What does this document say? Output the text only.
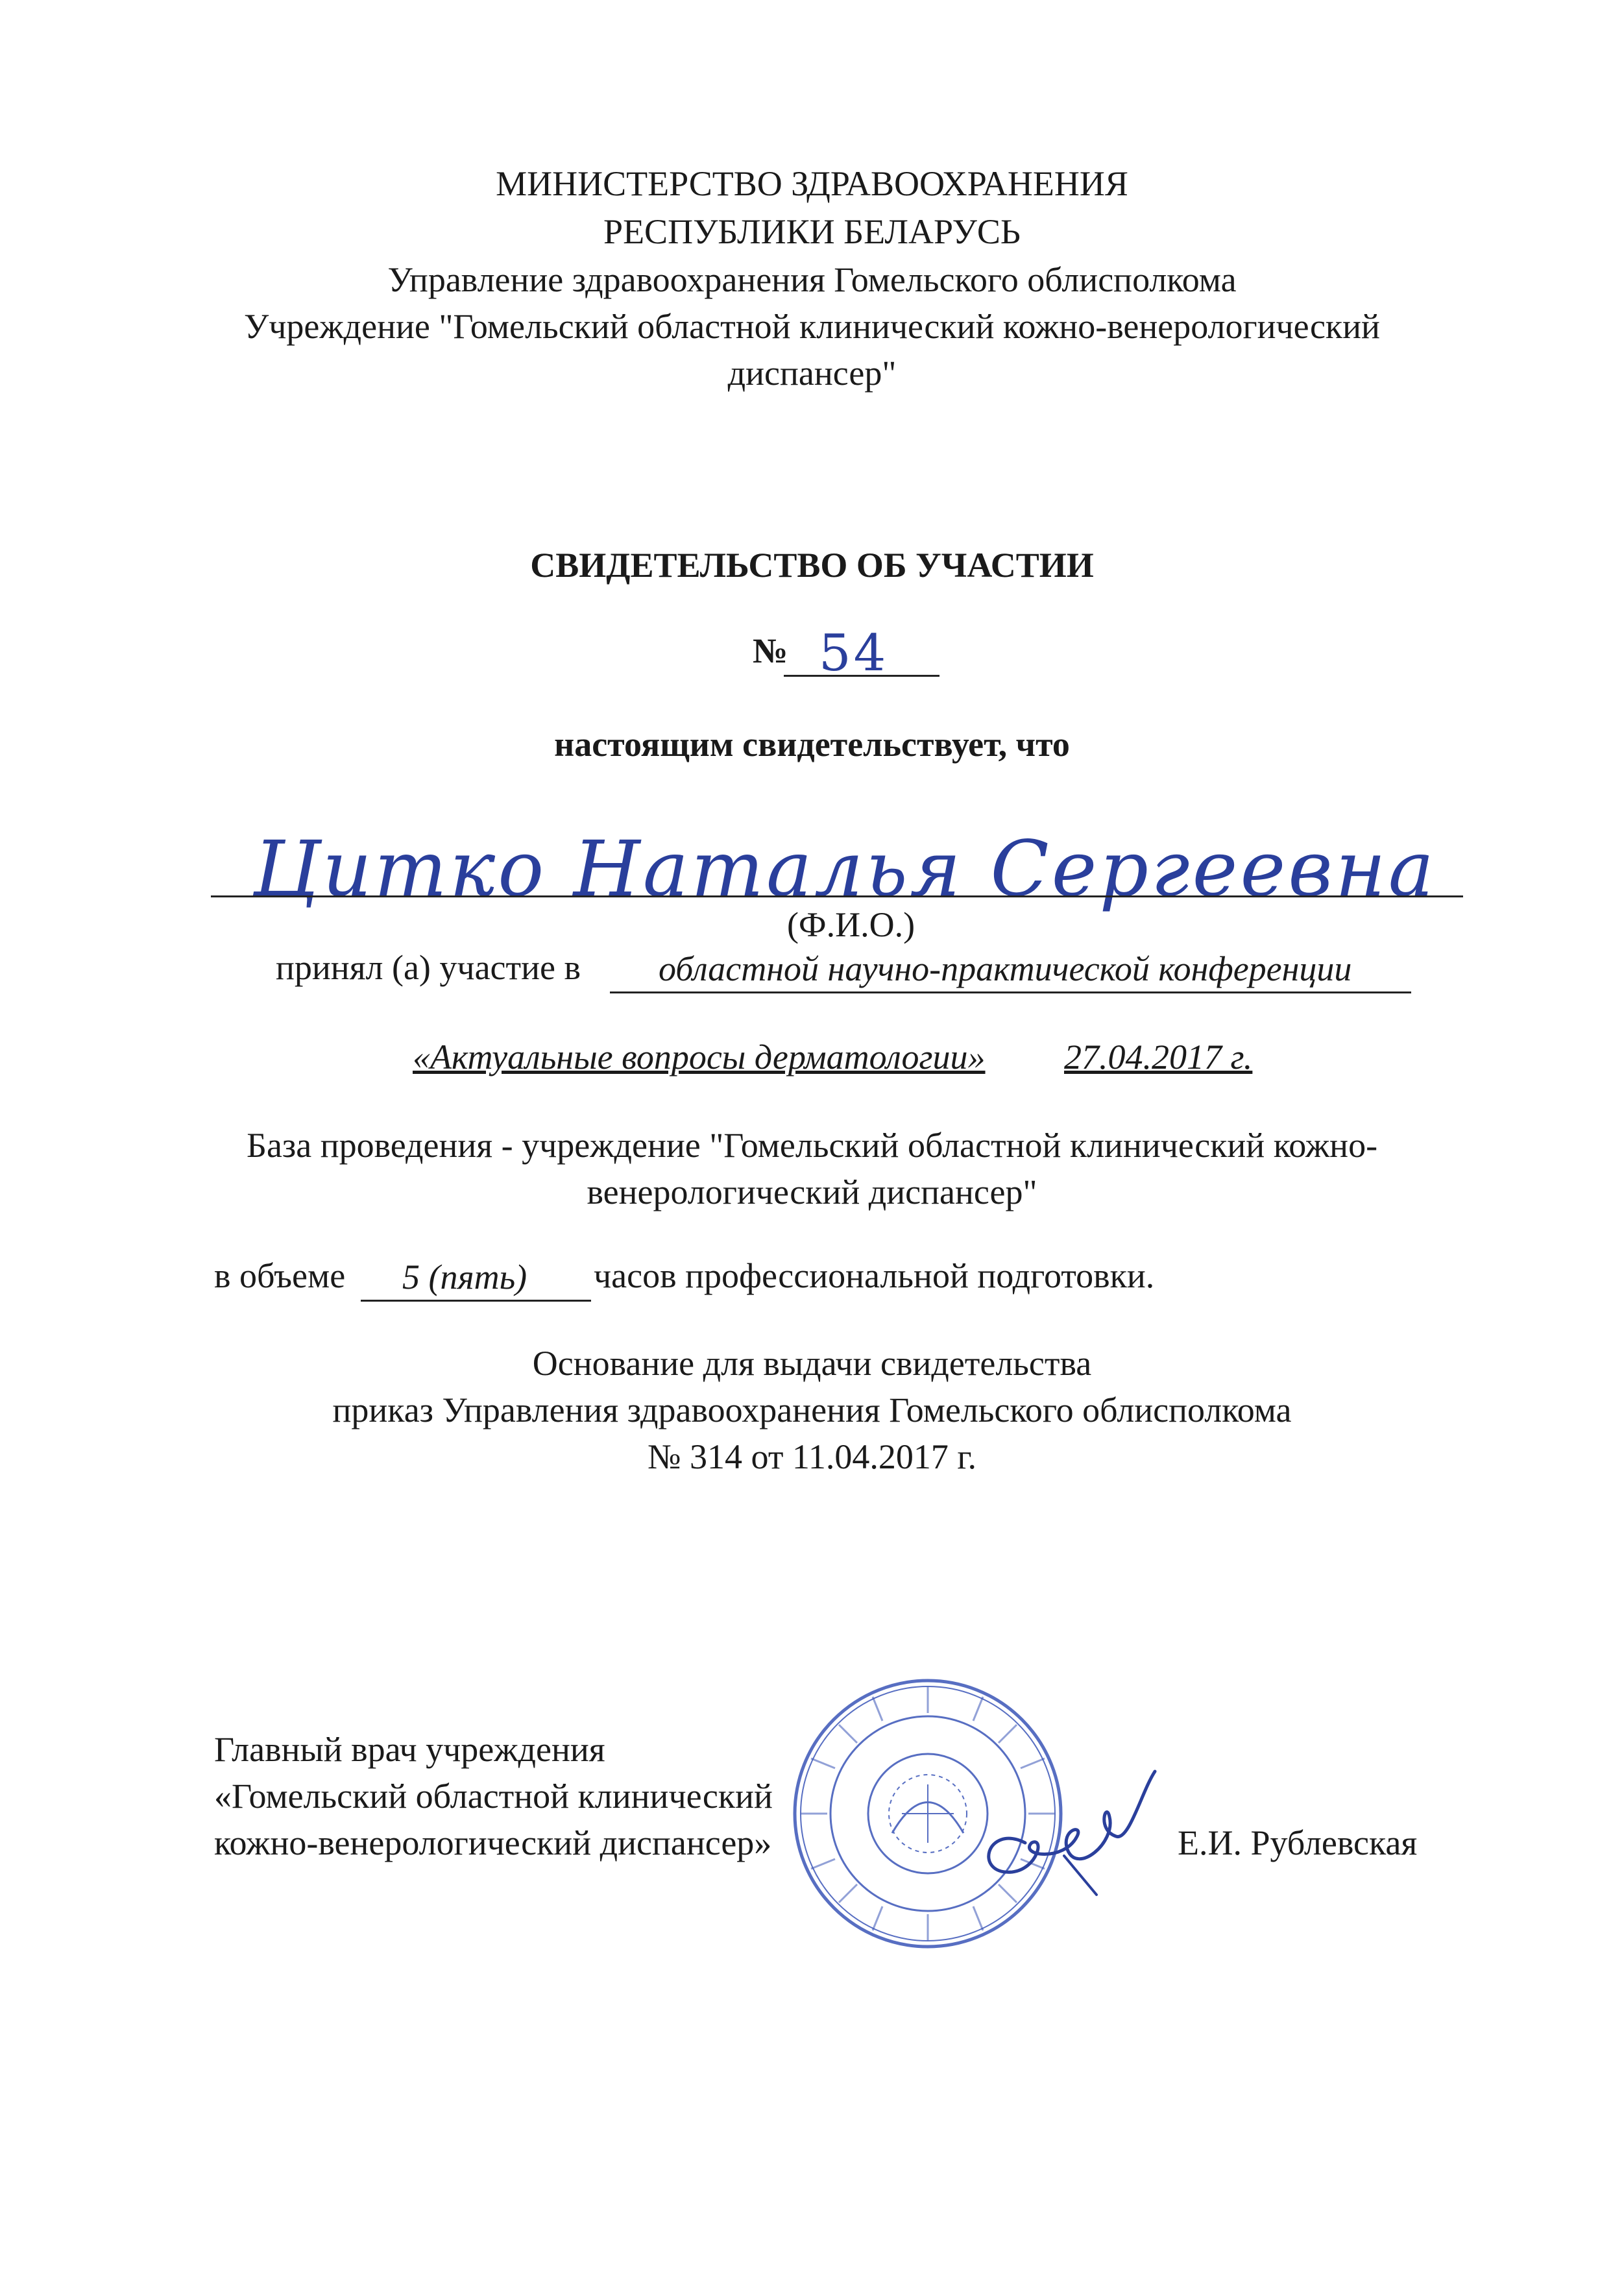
МИНИСТЕРСТВО ЗДРАВООХРАНЕНИЯ
РЕСПУБЛИКИ БЕЛАРУСЬ
Управление здравоохранения Гомельского облисполкома
Учреждение "Гомельский областной клинический кожно-венерологический
диспансер"
СВИДЕТЕЛЬСТВО ОБ УЧАСТИИ
№ 54
настоящим свидетельствует, что
Цитко Наталья Сергеевна
(Ф.И.О.)
принял (а) участие в областной научно-практической конференции
«Актуальные вопросы дерматологии» 27.04.2017 г.
База проведения - учреждение "Гомельский областной клинический кожно-
венерологический диспансер"
в объеме 5 (пять) часов профессиональной подготовки.
Основание для выдачи свидетельства
приказ Управления здравоохранения Гомельского облисполкома
№ 314 от 11.04.2017 г.
Главный врач учреждения
«Гомельский областной клинический
кожно-венерологический диспансер»	Е.И. Рублевская
